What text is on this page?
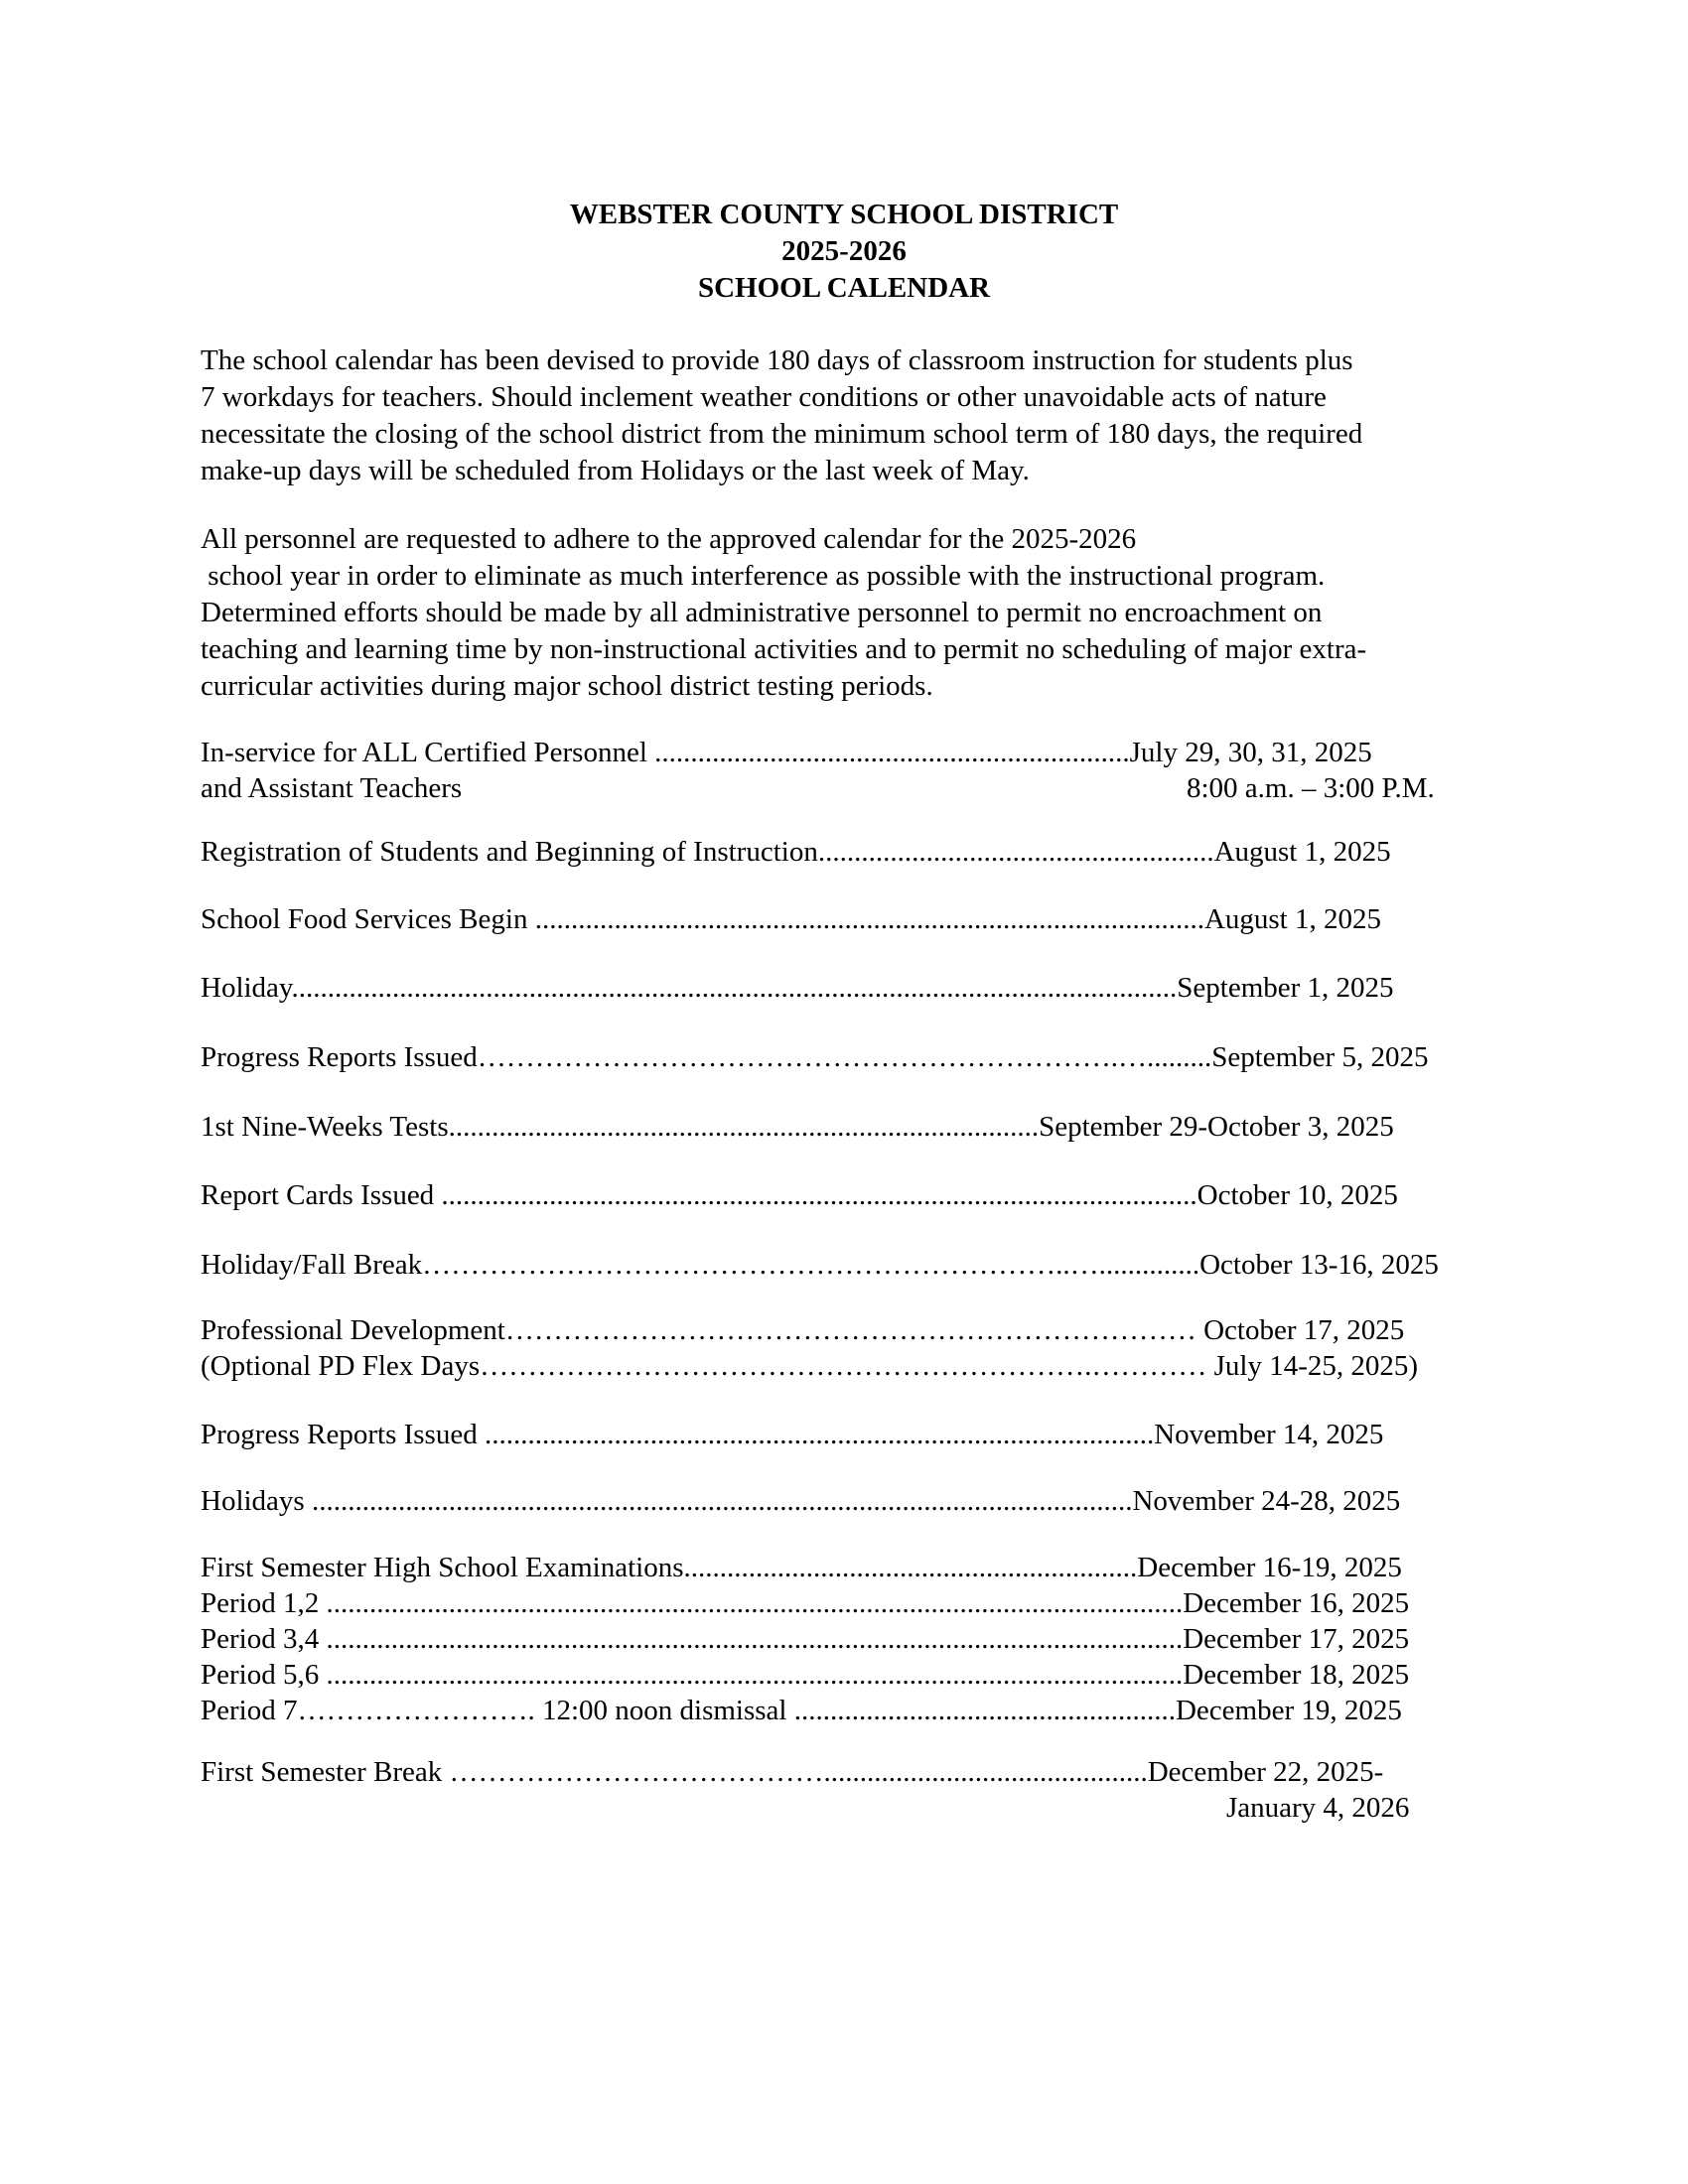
WEBSTER COUNTY SCHOOL DISTRICT
2025-2026
SCHOOL CALENDAR
The school calendar has been devised to provide 180 days of classroom instruction for students plus
7 workdays for teachers. Should inclement weather conditions or other unavoidable acts of nature
necessitate the closing of the school district from the minimum school term of 180 days, the required
make-up days will be scheduled from Holidays or the last week of May.
All personnel are requested to adhere to the approved calendar for the 2025-2026
school year in order to eliminate as much interference as possible with the instructional program.
Determined efforts should be made by all administrative personnel to permit no encroachment on
teaching and learning time by non-instructional activities and to permit no scheduling of major extra-
curricular activities during major school district testing periods.
In-service for ALL Certified Personnel ..................................................................July 29, 30, 31, 2025
and Assistant Teachers	8:00 a.m. – 3:00 P.M.
Registration of Students and Beginning of Instruction.......................................................August 1, 2025
School Food Services Begin .............................................................................................August 1, 2025
Holiday...........................................................................................................................September 1, 2025
Progress Reports Issued………………………………………………………….….........September 5, 2025
1st Nine-Weeks Tests..................................................................................September 29-October 3, 2025
Report Cards Issued .........................................................................................................October 10, 2025
Holiday/Fall Break…………………………………………………………..…..............October 13-16, 2025
Professional Development……………………………………………………………… October 17, 2025
(Optional PD Flex Days……………………………………………………….………… July 14-25, 2025)
Progress Reports Issued .............................................................................................November 14, 2025
Holidays ..................................................................................................................November 24-28, 2025
First Semester High School Examinations...............................................................December 16-19, 2025
Period 1,2 .......................................................................................................................December 16, 2025
Period 3,4 .......................................................................................................................December 17, 2025
Period 5,6 .......................................................................................................................December 18, 2025
Period 7……………………. 12:00 noon dismissal .....................................................December 19, 2025
First Semester Break ………………………………….............................................December 22, 2025-
January 4, 2026
